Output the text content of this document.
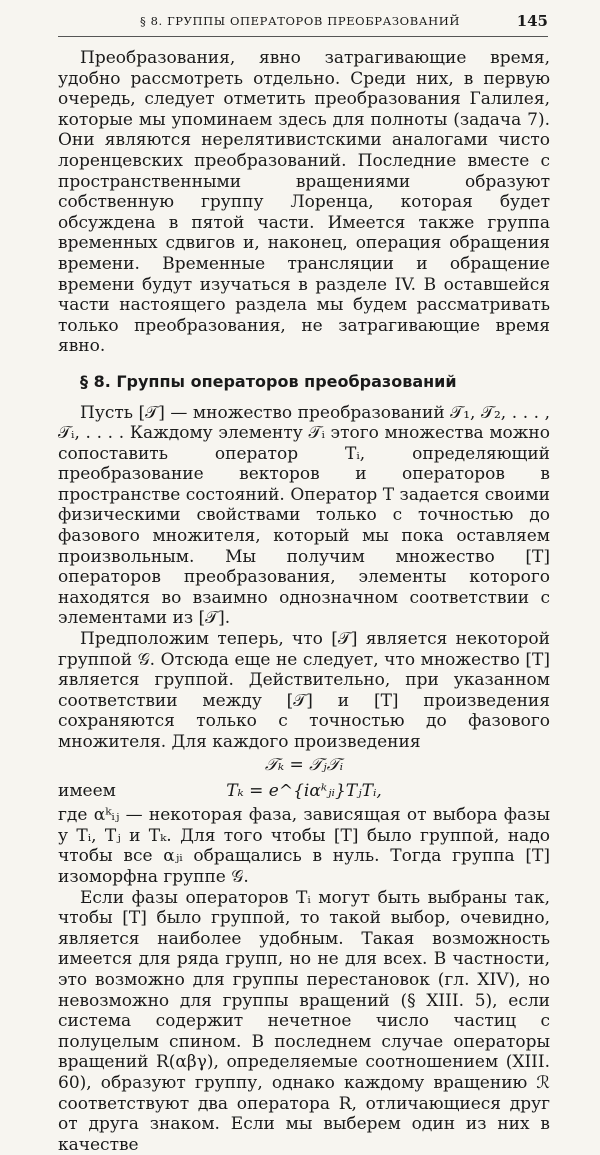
§ 8. ГРУППЫ ОПЕРАТОРОВ ПРЕОБРАЗОВАНИЙ	145

Преобразования, явно затрагивающие время, удобно рассмотреть отдельно. Среди них, в первую очередь, следует отметить преобразования Галилея, которые мы упоминаем здесь для полноты (задача 7). Они являются нерелятивистскими аналогами чисто лоренцевских преобразований. Последние вместе с пространственными вращениями образуют собственную группу Лоренца, которая будет обсуждена в пятой части. Имеется также группа временных сдвигов и, наконец, операция обращения времени. Временные трансляции и обращение времени будут изучаться в разделе IV. В оставшейся части настоящего раздела мы будем рассматривать только преобразования, не затрагивающие время явно.

§ 8. Группы операторов преобразований

Пусть [𝒯] — множество преобразований 𝒯₁, 𝒯₂, . . . , 𝒯ᵢ, . . . . Каждому элементу 𝒯ᵢ этого множества можно сопоставить оператор Tᵢ, определяющий преобразование векторов и операторов в пространстве состояний. Оператор T задается своими физическими свойствами только с точностью до фазового множителя, который мы пока оставляем произвольным. Мы получим множество [T] операторов преобразования, элементы которого находятся во взаимно однозначном соответствии с элементами из [𝒯].

Предположим теперь, что [𝒯] является некоторой группой 𝒢. Отсюда еще не следует, что множество [T] является группой. Действительно, при указанном соответствии между [𝒯] и [T] произведения сохраняются только с точностью до фазового множителя. Для каждого произведения

𝒯ₖ = 𝒯ⱼ𝒯ᵢ
имеем	Tₖ = e^{iαᵏⱼᵢ}TⱼTᵢ,

где αᵏᵢⱼ — некоторая фаза, зависящая от выбора фазы у Tᵢ, Tⱼ и Tₖ. Для того чтобы [T] было группой, надо чтобы все αⱼᵢ обращались в нуль. Тогда группа [T] изоморфна группе 𝒢.

Если фазы операторов Tᵢ могут быть выбраны так, чтобы [T] было группой, то такой выбор, очевидно, является наиболее удобным. Такая возможность имеется для ряда групп, но не для всех. В частности, это возможно для группы перестановок (гл. XIV), но невозможно для группы вращений (§ XIII. 5), если система содержит нечетное число частиц с полуцелым спином. В последнем случае операторы вращений R(αβγ), определяемые соотношением (XIII. 60), образуют группу, однако каждому вращению ℛ соответствуют два оператора R, отличающиеся друг от друга знаком. Если мы выберем один из них в качестве
